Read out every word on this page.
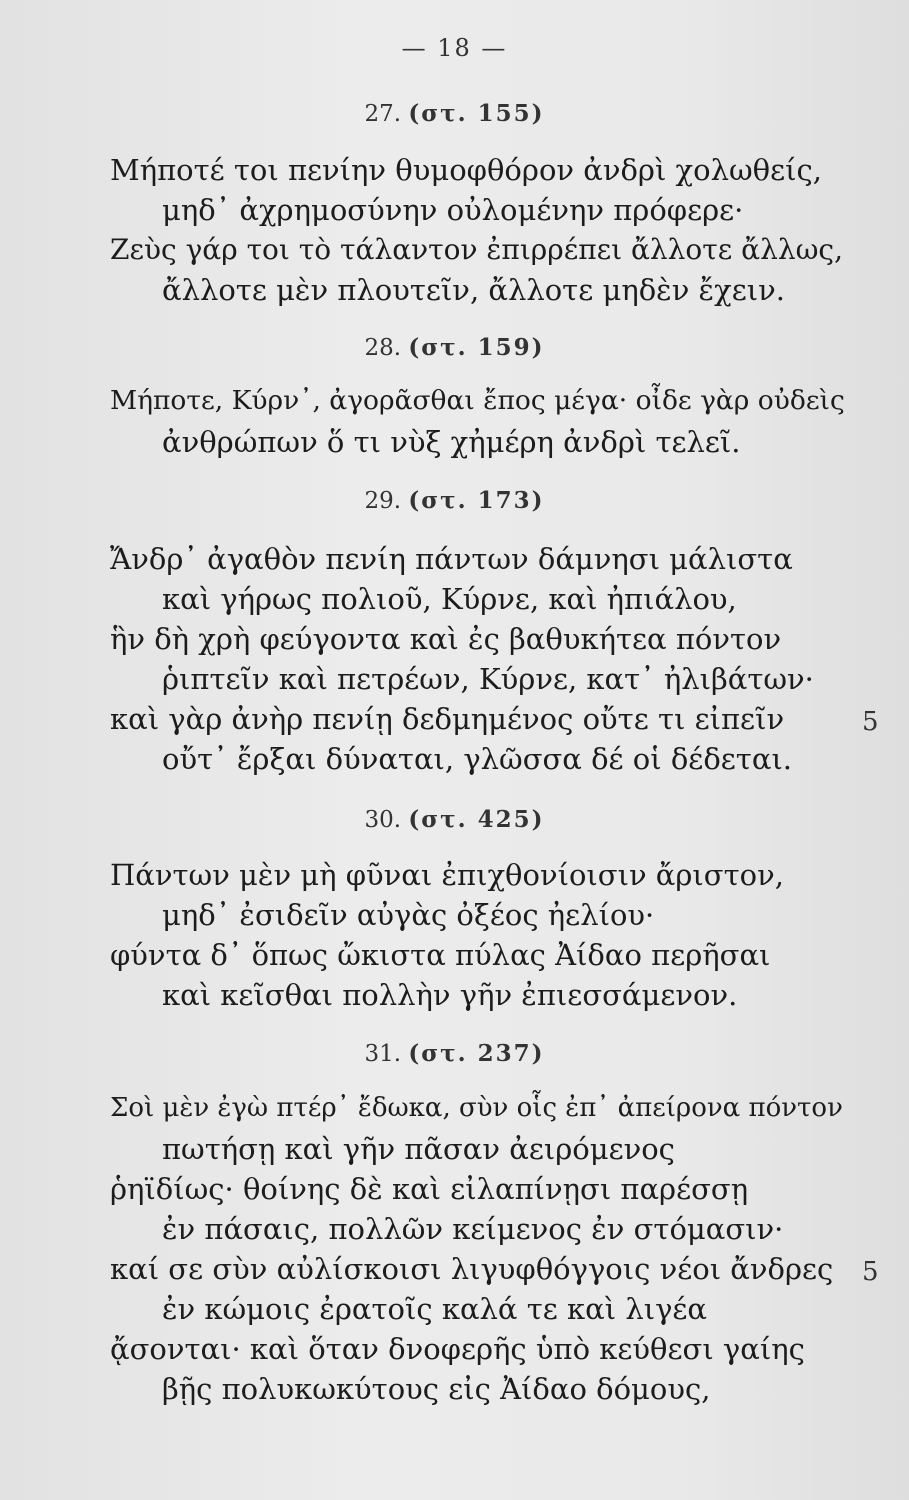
— 18 —
27. (στ. 155)
Μήποτέ τοι πενίην θυμοφθόρον ἀνδρὶ χολωθείς,
μηδ᾽ ἀχρημοσύνην οὐλομένην πρόφερε·
Ζεὺς γάρ τοι τὸ τάλαντον ἐπιρρέπει ἄλλοτε ἄλλως,
ἄλλοτε μὲν πλουτεῖν, ἄλλοτε μηδὲν ἔχειν.
28. (στ. 159)
Μήποτε, Κύρν᾽, ἀγορᾶσθαι ἔπος μέγα· οἶδε γὰρ οὐδεὶς
ἀνθρώπων ὅ τι νὺξ χἠμέρη ἀνδρὶ τελεῖ.
29. (στ. 173)
Ἄνδρ᾽ ἀγαθὸν πενίη πάντων δάμνησι μάλιστα
καὶ γήρως πολιοῦ, Κύρνε, καὶ ἠπιάλου,
ἣν δὴ χρὴ φεύγοντα καὶ ἐς βαθυκήτεα πόντον
ῥιπτεῖν καὶ πετρέων, Κύρνε, κατ᾽ ἠλιβάτων·
καὶ γὰρ ἀνὴρ πενίῃ δεδμημένος οὔτε τι εἰπεῖν	5
οὔτ᾽ ἔρξαι δύναται, γλῶσσα δέ οἱ δέδεται.
30. (στ. 425)
Πάντων μὲν μὴ φῦναι ἐπιχθονίοισιν ἄριστον,
μηδ᾽ ἐσιδεῖν αὐγὰς ὀξέος ἠελίου·
φύντα δ᾽ ὅπως ὤκιστα πύλας Ἀίδαο περῆσαι
καὶ κεῖσθαι πολλὴν γῆν ἐπιεσσάμενον.
31. (στ. 237)
Σοὶ μὲν ἐγὼ πτέρ᾽ ἔδωκα, σὺν οἷς ἐπ᾽ ἀπείρονα πόντον
πωτήσῃ καὶ γῆν πᾶσαν ἀειρόμενος
ῥηϊδίως· θοίνης δὲ καὶ εἰλαπίνῃσι παρέσσῃ
ἐν πάσαις, πολλῶν κείμενος ἐν στόμασιν·
καί σε σὺν αὐλίσκοισι λιγυφθόγγοις νέοι ἄνδρες 5
ἐν κώμοις ἐρατοῖς καλά τε καὶ λιγέα
ᾄσονται· καὶ ὅταν δνοφερῆς ὑπὸ κεύθεσι γαίης
βῇς πολυκωκύτους εἰς Ἀίδαο δόμους,
